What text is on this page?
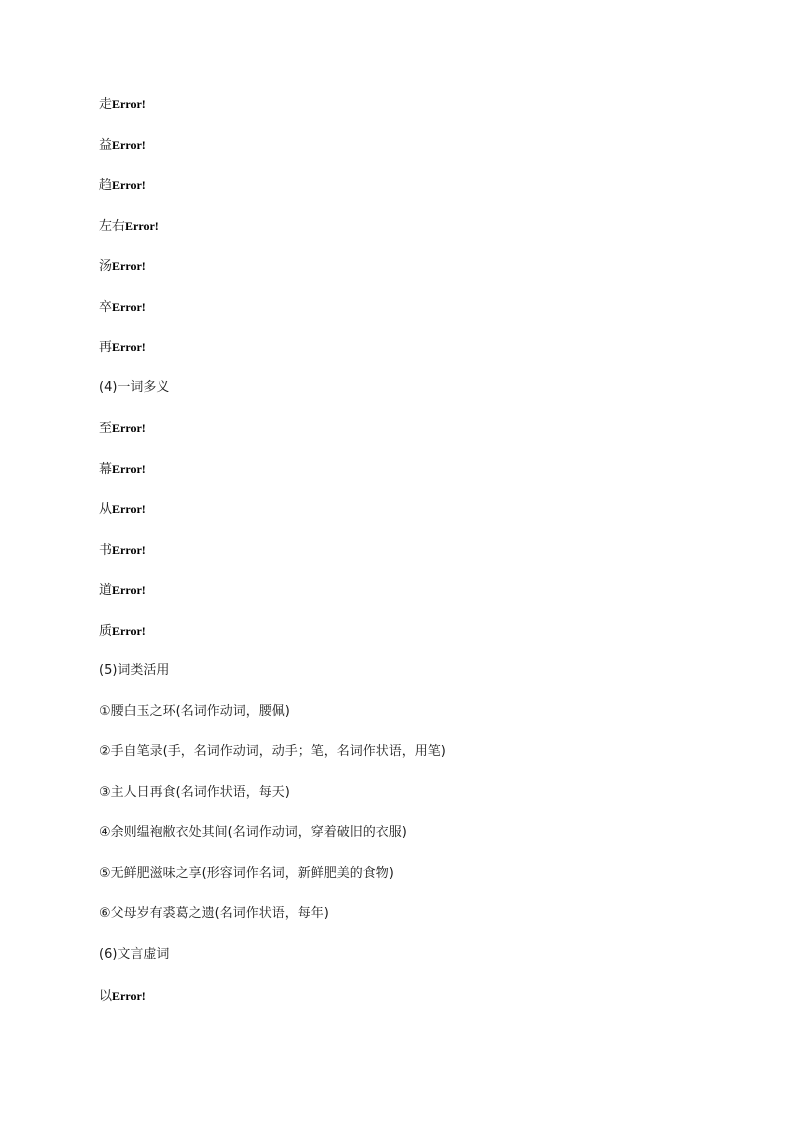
走Error!
益Error!
趋Error!
左右Error!
汤Error!
卒Error!
再Error!
(4)一词多义
至Error!
幕Error!
从Error!
书Error!
道Error!
质Error!
(5)词类活用
①腰白玉之环(名词作动词，腰佩)
②手自笔录(手，名词作动词，动手；笔，名词作状语，用笔)
③主人日再食(名词作状语，每天)
④余则缊袍敝衣处其间(名词作动词，穿着破旧的衣服)
⑤无鲜肥滋味之享(形容词作名词，新鲜肥美的食物)
⑥父母岁有裘葛之遗(名词作状语，每年)
(6)文言虚词
以Error!
